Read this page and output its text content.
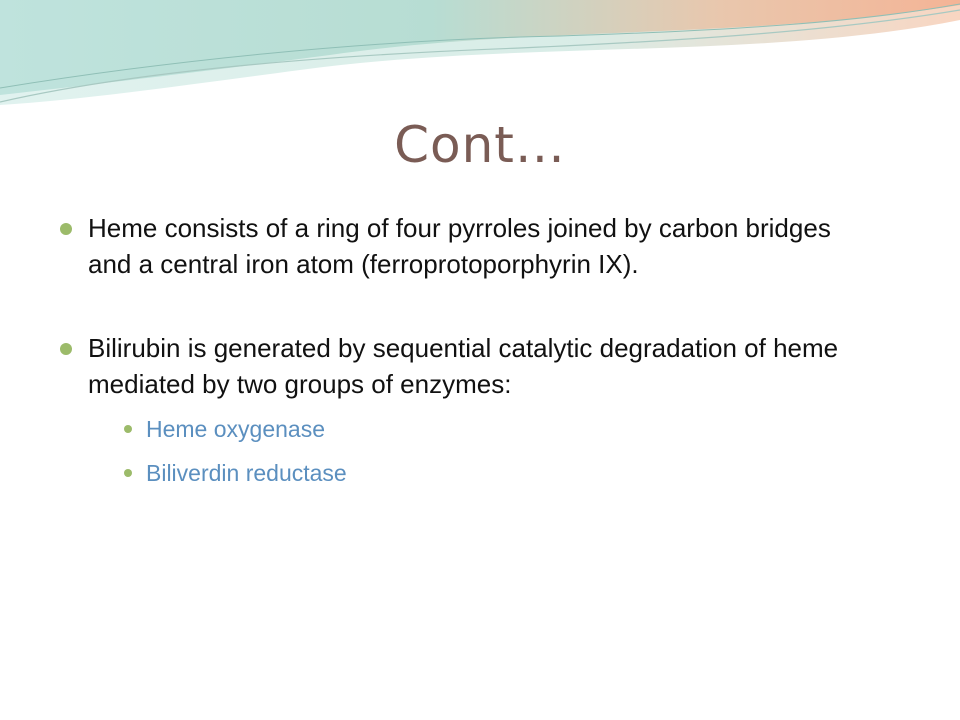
Cont…
Heme consists of a ring of four pyrroles joined by carbon bridges and a central iron atom (ferroprotoporphyrin IX).
Bilirubin is generated by sequential catalytic degradation of heme mediated by two groups of enzymes:
Heme oxygenase
Biliverdin reductase
